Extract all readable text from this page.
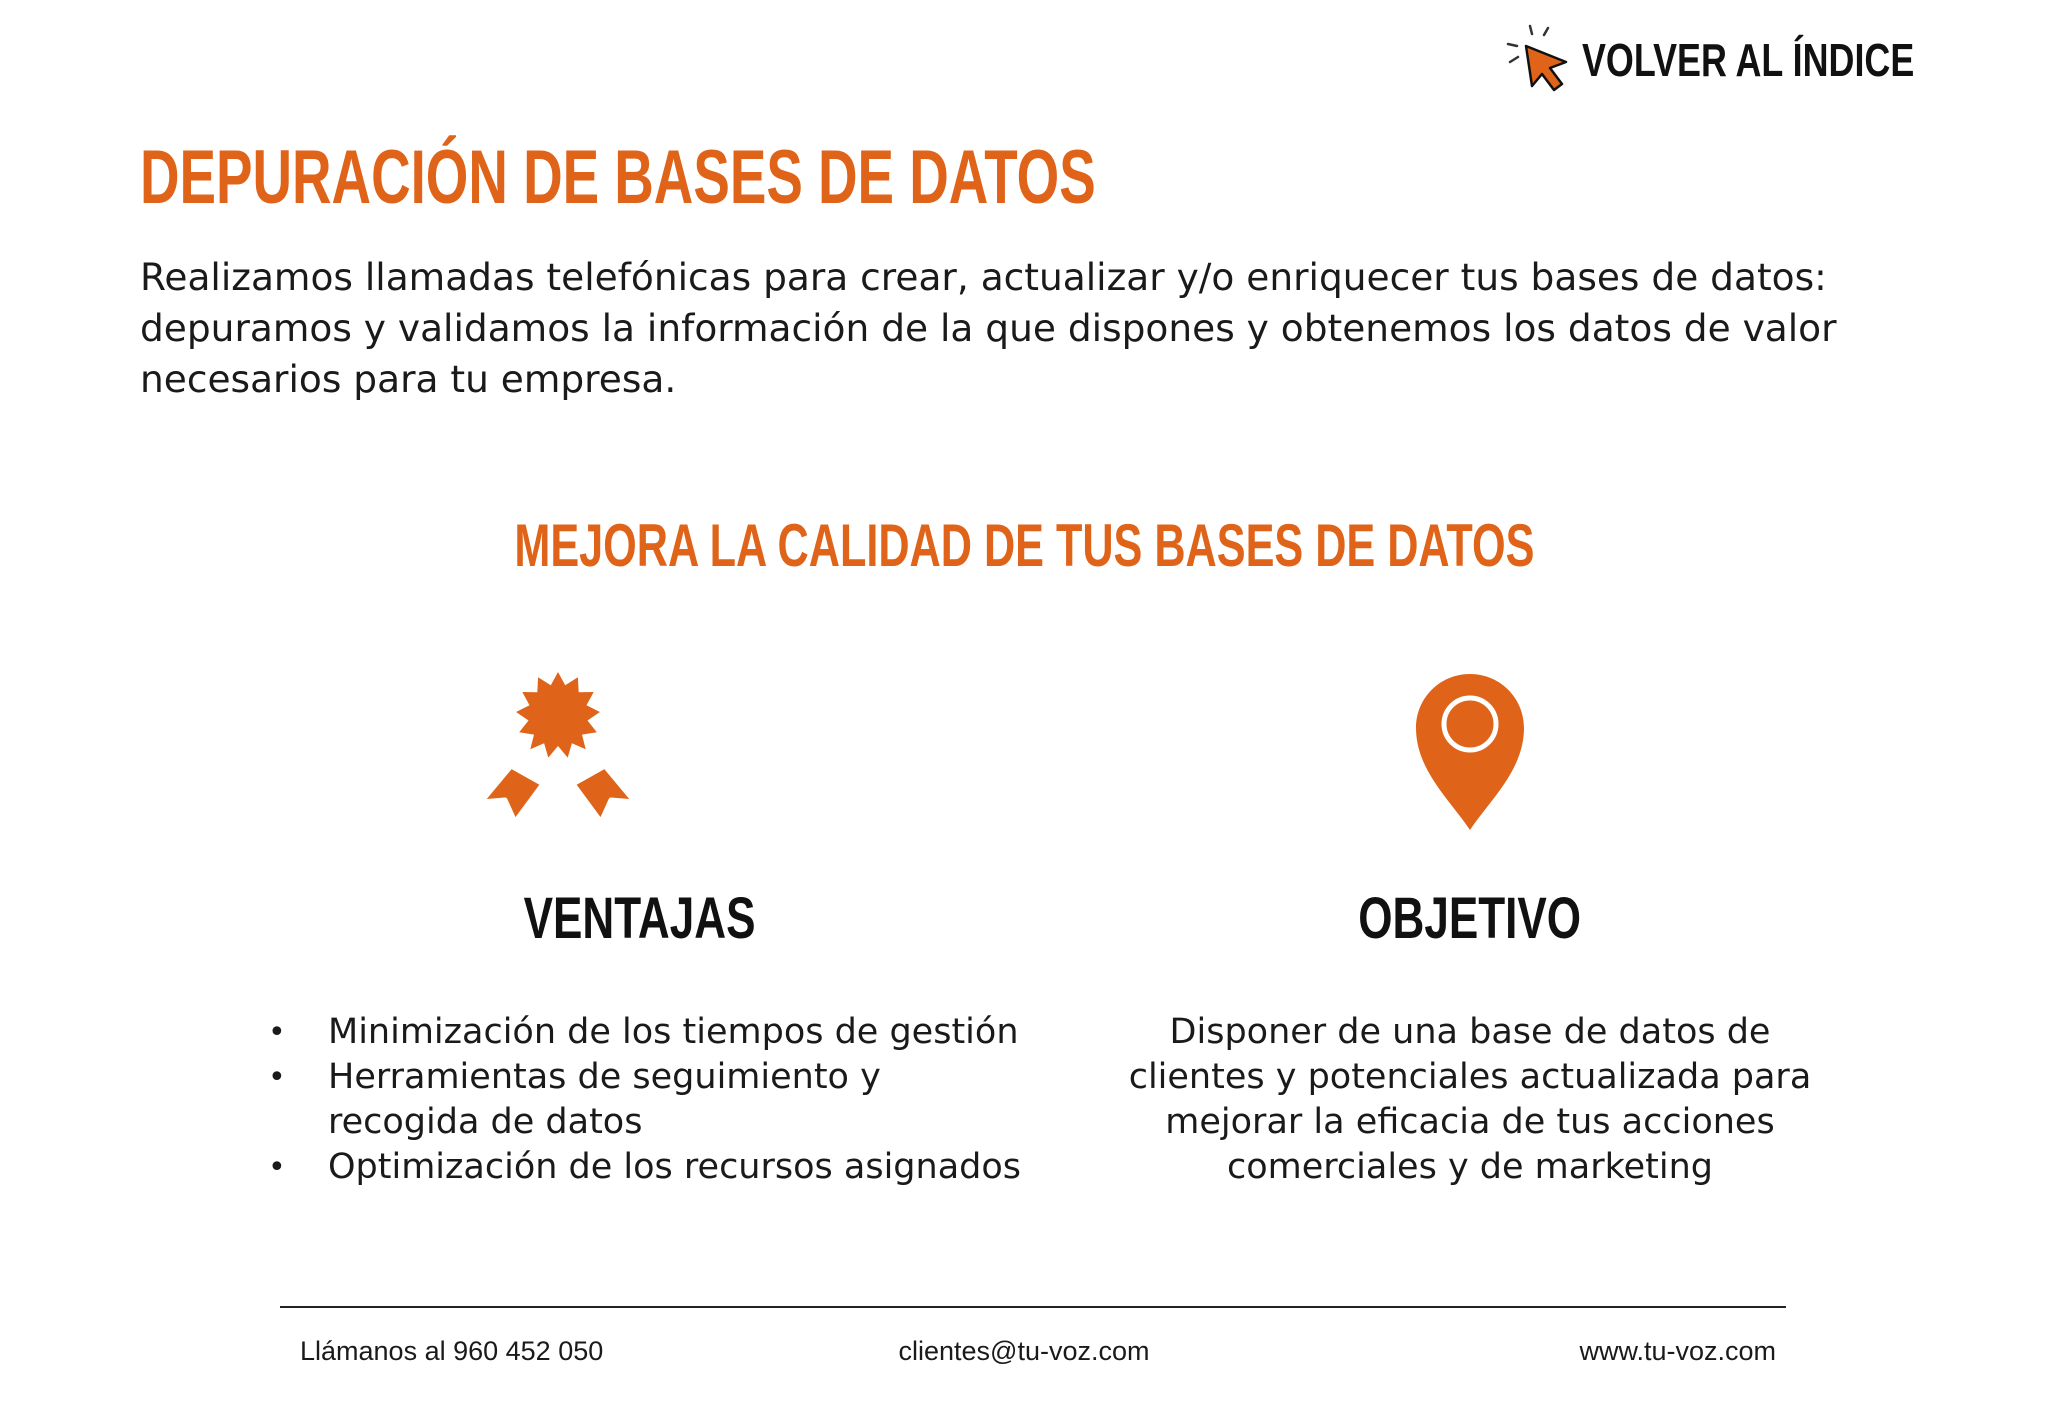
VOLVER AL ÍNDICE
DEPURACIÓN DE BASES DE DATOS

Realizamos llamadas telefónicas para crear, actualizar y/o enriquecer tus bases de datos: depuramos y validamos la información de la que dispones y obtenemos los datos de valor necesarios para tu empresa.

MEJORA LA CALIDAD DE TUS BASES DE DATOS
VENTAJAS
• Minimización de los tiempos de gestión
• Herramientas de seguimiento y recogida de datos
• Optimización de los recursos asignados
OBJETIVO

Disponer de una base de datos de clientes y potenciales actualizada para mejorar la eficacia de tus acciones comerciales y de marketing

Llámanos al 960 452 050	clientes@tu-voz.com	www.tu-voz.com
